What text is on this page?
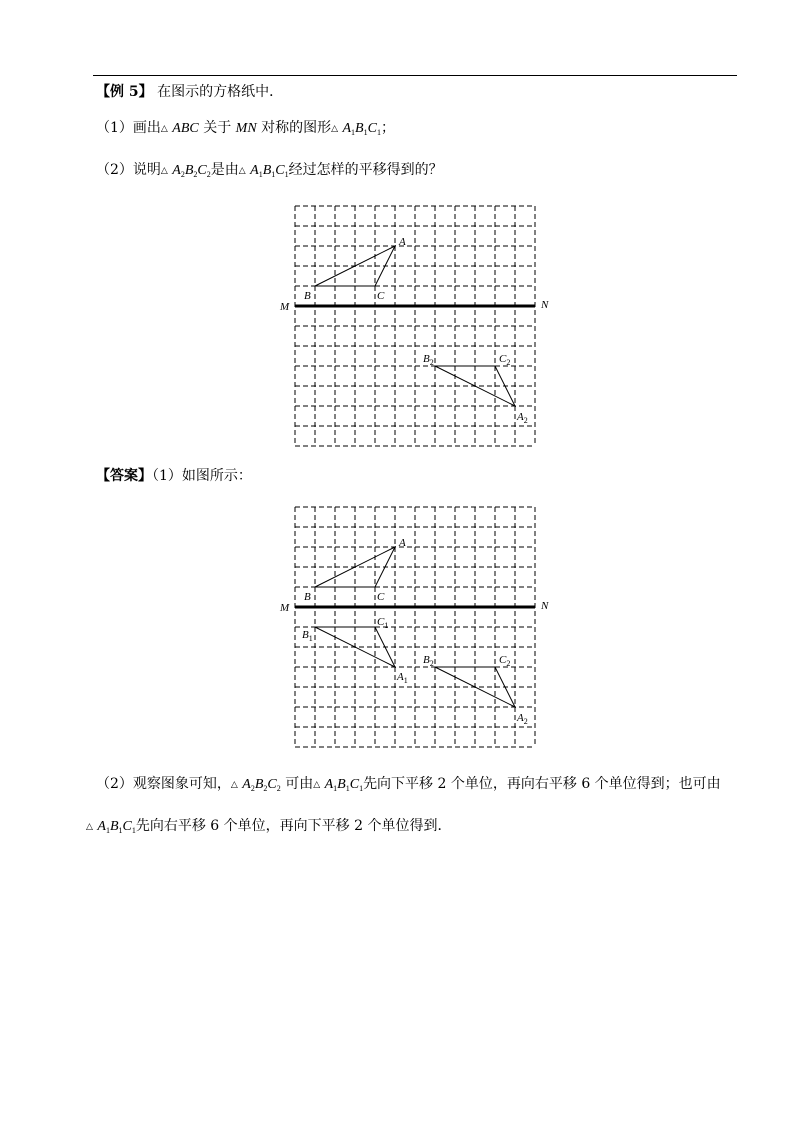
【例 5】 在图示的方格纸中．
（1）画出△ ABC 关于 MN 对称的图形△ $A_1B_1C_1$；
（2）说明△ $A_2B_2C_2$是由△ $A_1B_1C_1$经过怎样的平移得到的？
M	N
A
B	C
$B_2$	$C_2$
$A_2$
【答案】（1）如图所示：
M	N
A
B	C
$B_1$
$C_1$
$A_1$
$B_2$	$C_2$
$A_2$
（2）观察图象可知，△ $A_2B_2C_2$ 可由△ $A_1B_1C_1$先向下平移 2 个单位，再向右平移 6 个单位得到；也可由
△ $A_1B_1C_1$先向右平移 6 个单位，再向下平移 2 个单位得到．
